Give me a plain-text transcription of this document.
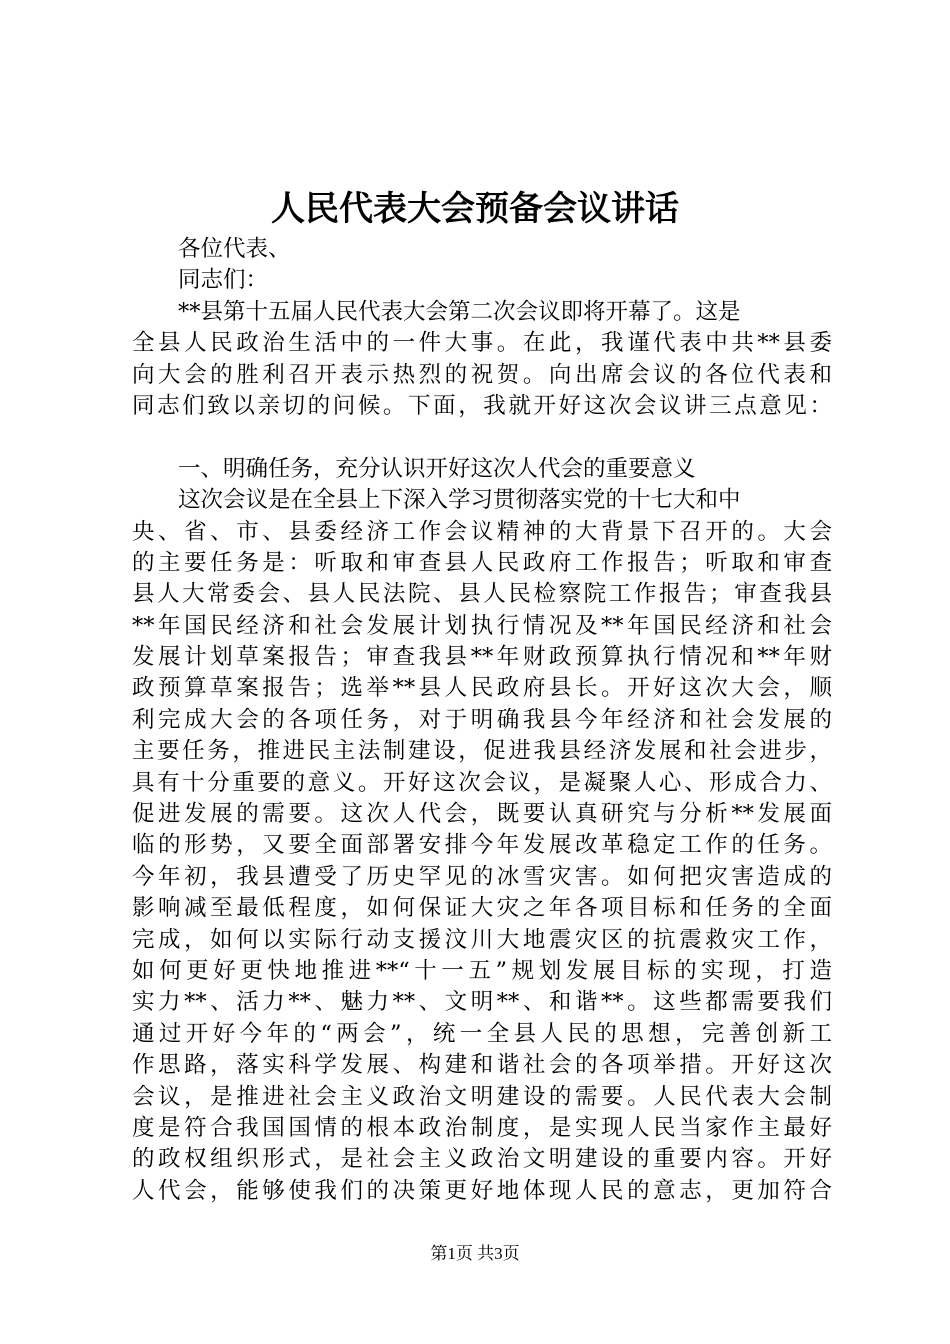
人民代表大会预备会议讲话
各位代表、
同志们：
**县第十五届人民代表大会第二次会议即将开幕了。这是
全县人民政治生活中的一件大事。在此，我谨代表中共**县委
向大会的胜利召开表示热烈的祝贺。向出席会议的各位代表和
同志们致以亲切的问候。下面，我就开好这次会议讲三点意见：
一、明确任务，充分认识开好这次人代会的重要意义
这次会议是在全县上下深入学习贯彻落实党的十七大和中
央、省、市、县委经济工作会议精神的大背景下召开的。大会
的主要任务是：听取和审查县人民政府工作报告；听取和审查
县人大常委会、县人民法院、县人民检察院工作报告；审查我县
**年国民经济和社会发展计划执行情况及**年国民经济和社会
发展计划草案报告；审查我县**年财政预算执行情况和**年财
政预算草案报告；选举**县人民政府县长。开好这次大会，顺
利完成大会的各项任务，对于明确我县今年经济和社会发展的
主要任务，推进民主法制建设，促进我县经济发展和社会进步，
具有十分重要的意义。开好这次会议，是凝聚人心、形成合力、
促进发展的需要。这次人代会，既要认真研究与分析**发展面
临的形势，又要全面部署安排今年发展改革稳定工作的任务。
今年初，我县遭受了历史罕见的冰雪灾害。如何把灾害造成的
影响减至最低程度，如何保证大灾之年各项目标和任务的全面
完成，如何以实际行动支援汶川大地震灾区的抗震救灾工作，
如何更好更快地推进**“十一五”规划发展目标的实现，打造
实力**、活力**、魅力**、文明**、和谐**。这些都需要我们
通过开好今年的“两会”，统一全县人民的思想，完善创新工
作思路，落实科学发展、构建和谐社会的各项举措。开好这次
会议，是推进社会主义政治文明建设的需要。人民代表大会制
度是符合我国国情的根本政治制度，是实现人民当家作主最好
的政权组织形式，是社会主义政治文明建设的重要内容。开好
人代会，能够使我们的决策更好地体现人民的意志，更加符合
第1页 共3页
